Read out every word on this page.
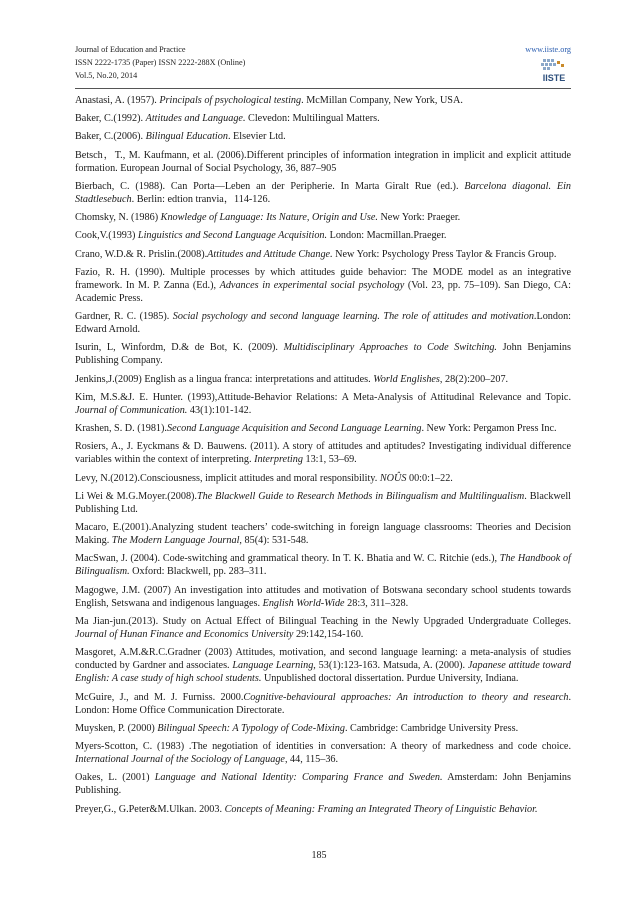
Journal of Education and Practice
ISSN 2222-1735 (Paper) ISSN 2222-288X (Online)
Vol.5, No.20, 2014
www.iiste.org
IISTE

Anastasi, A. (1957). Principals of psychological testing. McMillan Company, New York, USA.

Baker, C.(1992). Attitudes and Language. Clevedon: Multilingual Matters.

Baker, C.(2006). Bilingual Education. Elsevier Ltd.

Betsch，T., M. Kaufmann, et al. (2006).Different principles of information integration in implicit and explicit attitude formation. European Journal of Social Psychology, 36, 887–905

Bierbach, C. (1988). Can Porta—Leben an der Peripherie. In Marta Giralt Rue (ed.). Barcelona diagonal. Ein Stadtlesebuch. Berlin: edtion tranvia，114-126.

Chomsky, N. (1986) Knowledge of Language: Its Nature, Origin and Use. New York: Praeger.

Cook,V.(1993) Linguistics and Second Language Acquisition. London: Macmillan.Praeger.

Crano, W.D.& R. Prislin.(2008).Attitudes and Attitude Change. New York: Psychology Press Taylor & Francis Group.

Fazio, R. H. (1990). Multiple processes by which attitudes guide behavior: The MODE model as an integrative framework. In M. P. Zanna (Ed.), Advances in experimental social psychology (Vol. 23, pp. 75–109). San Diego, CA: Academic Press.

Gardner, R. C. (1985). Social psychology and second language learning. The role of attitudes and motivation.London: Edward Arnold.

Isurin, L, Winfordm, D.& de Bot, K. (2009). Multidisciplinary Approaches to Code Switching. John Benjamins Publishing Company.

Jenkins,J.(2009) English as a lingua franca: interpretations and attitudes. World Englishes, 28(2):200–207.

Kim, M.S.&J. E. Hunter. (1993),Attitude-Behavior Relations: A Meta-Analysis of Attitudinal Relevance and Topic. Journal of Communication. 43(1):101-142.

Krashen, S. D. (1981).Second Language Acquisition and Second Language Learning. New York: Pergamon Press Inc.

Rosiers, A., J. Eyckmans & D. Bauwens. (2011). A story of attitudes and aptitudes? Investigating individual difference variables within the context of interpreting. Interpreting 13:1, 53–69.

Levy, N.(2012).Consciousness, implicit attitudes and moral responsibility. NOÛS 00:0:1–22.

Li Wei & M.G.Moyer.(2008).The Blackwell Guide to Research Methods in Bilingualism and Multilingualism. Blackwell Publishing Ltd.

Macaro, E.(2001).Analyzing student teachers’ code-switching in foreign language classrooms: Theories and Decision Making. The Modern Language Journal, 85(4): 531-548.

MacSwan, J. (2004). Code-switching and grammatical theory. In T. K. Bhatia and W. C. Ritchie (eds.), The Handbook of Bilingualism. Oxford: Blackwell, pp. 283–311.

Magogwe, J.M. (2007) An investigation into attitudes and motivation of Botswana secondary school students towards English, Setswana and indigenous languages. English World-Wide 28:3, 311–328.

Ma Jian-jun.(2013). Study on Actual Effect of Bilingual Teaching in the Newly Upgraded Undergraduate Colleges. Journal of Hunan Finance and Economics University 29:142,154-160.

Masgoret, A.M.&R.C.Gradner (2003) Attitudes, motivation, and second language learning: a meta-analysis of studies conducted by Gardner and associates. Language Learning, 53(1):123-163. Matsuda, A. (2000). Japanese attitude toward English: A case study of high school students. Unpublished doctoral dissertation. Purdue University, Indiana.

McGuire, J., and M. J. Furniss. 2000.Cognitive-behavioural approaches: An introduction to theory and research. London: Home Office Communication Directorate.

Muysken, P. (2000) Bilingual Speech: A Typology of Code-Mixing. Cambridge: Cambridge University Press.

Myers-Scotton, C. (1983) .The negotiation of identities in conversation: A theory of markedness and code choice. International Journal of the Sociology of Language, 44, 115–36.

Oakes, L. (2001) Language and National Identity: Comparing France and Sweden. Amsterdam: John Benjamins Publishing.

Preyer,G., G.Peter&M.Ulkan. 2003. Concepts of Meaning: Framing an Integrated Theory of Linguistic Behavior.

185
